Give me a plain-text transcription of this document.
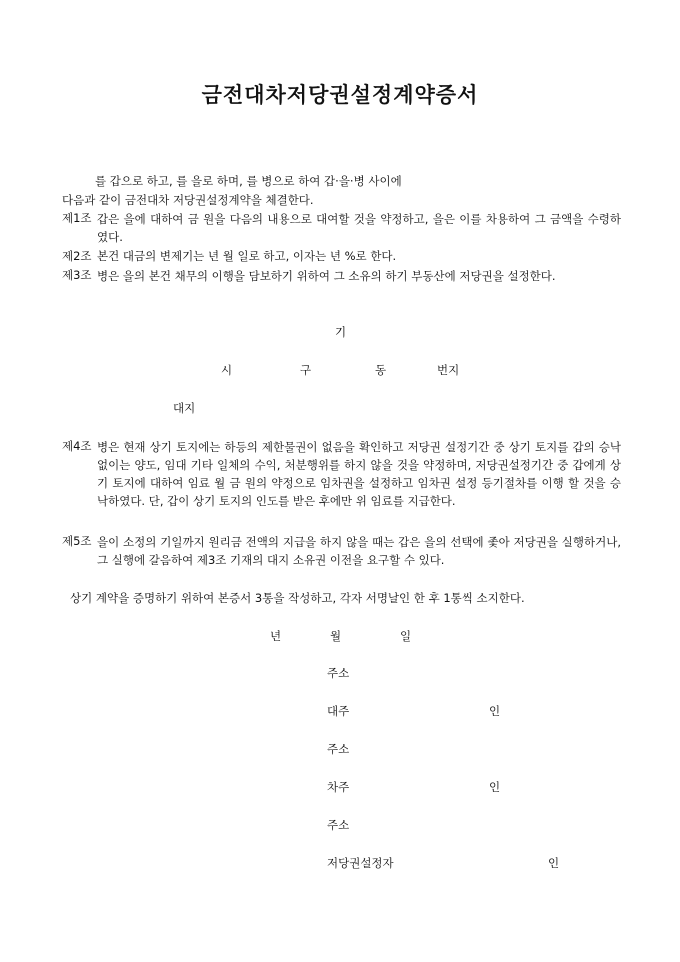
금전대차저당권설정계약증서
를 갑으로 하고, 를 을로 하며, 를 병으로 하여 갑·을·병 사이에
다음과 같이 금전대차 저당권설정계약을 체결한다.
제1조 갑은 을에 대하여 금 원을 다음의 내용으로 대여할 것을 약정하고, 을은 이를 차용하여 그 금액을 수령하였다.
제2조 본건 대금의 변제기는 년 월 일로 하고, 이자는 년 %로 한다.
제3조 병은 을의 본건 채무의 이행을 담보하기 위하여 그 소유의 하기 부동산에 저당권을 설정한다.
기
시	구	동	번지
대지
제4조 병은 현재 상기 토지에는 하등의 제한물권이 없음을 확인하고 저당권 설정기간 중 상기 토지를 갑의 승낙없이는 양도, 임대 기타 일체의 수익, 처분행위를 하지 않을 것을 약정하며, 저당권설정기간 중 갑에게 상기 토지에 대하여 임료 월 금 원의 약정으로 임차권을 설정하고 임차권 설정 등기절차를 이행 할 것을 승낙하였다. 단, 갑이 상기 토지의 인도를 받은 후에만 위 임료를 지급한다.
제5조 을이 소정의 기일까지 원리금 전액의 지급을 하지 않을 때는 갑은 을의 선택에 좇아 저당권을 실행하거나, 그 실행에 갈음하여 제3조 기재의 대지 소유권 이전을 요구할 수 있다.
상기 계약을 증명하기 위하여 본증서 3통을 작성하고, 각자 서명날인 한 후 1통씩 소지한다.
년	월	일
주소
대주	인
주소
차주	인
주소
저당권설정자	인
